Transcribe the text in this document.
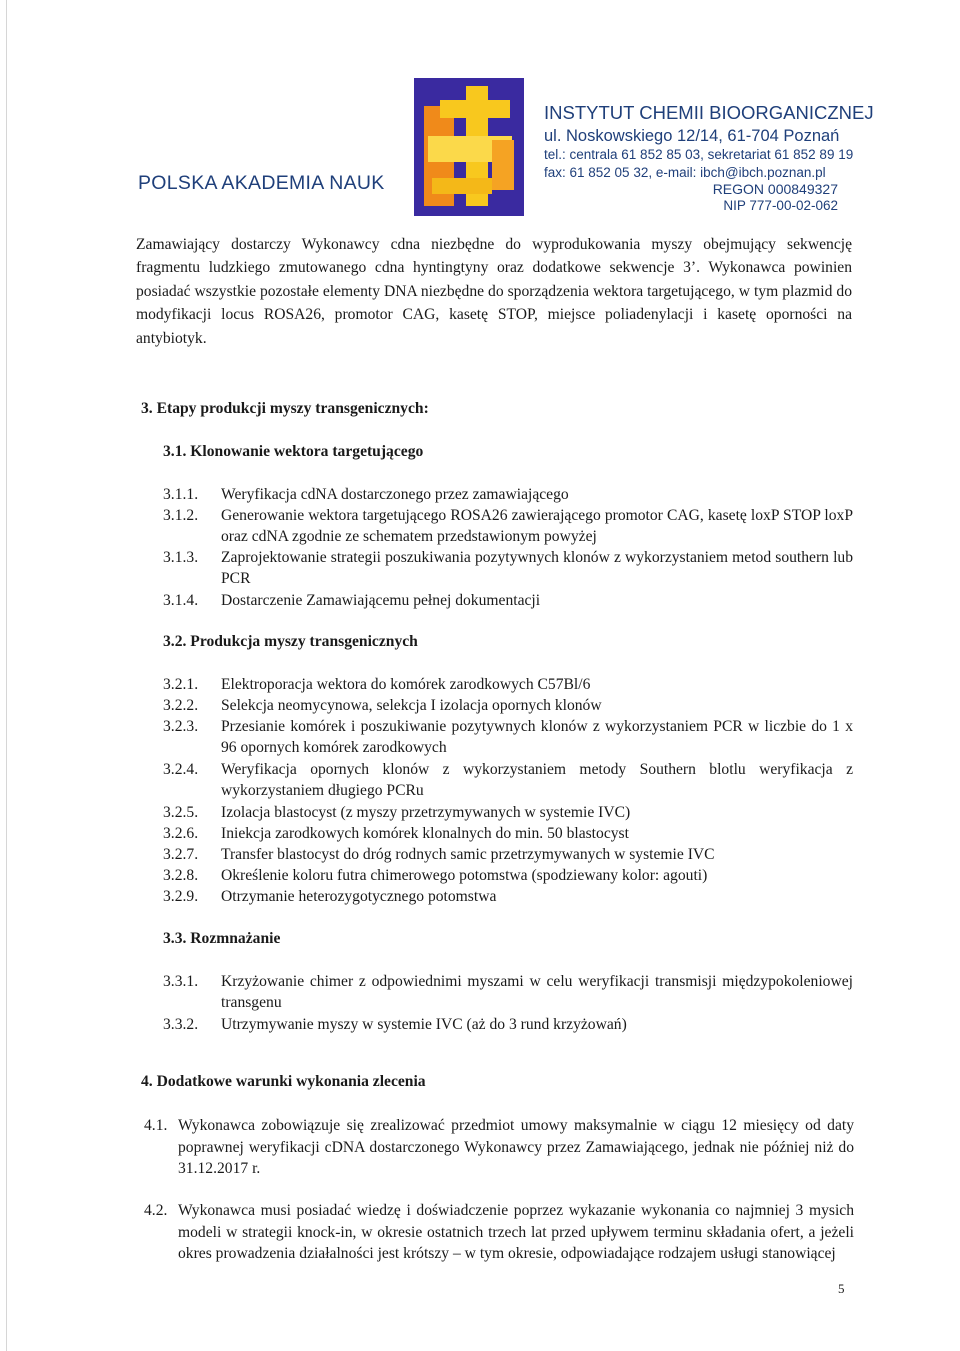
POLSKA AKADEMIA NAUK
INSTYTUT CHEMII BIOORGANICZNEJ
ul. Noskowskiego 12/14, 61-704 Poznań
tel.: centrala 61 852 85 03, sekretariat 61 852 89 19
fax: 61 852 05 32, e-mail: ibch@ibch.poznan.pl
REGON 000849327
NIP 777-00-02-062
Zamawiający dostarczy Wykonawcy cdna niezbędne do wyprodukowania myszy obejmujący sekwencję fragmentu ludzkiego zmutowanego cdna hyntingtyny oraz dodatkowe sekwencje 3’. Wykonawca powinien posiadać wszystkie pozostałe elementy DNA niezbędne do sporządzenia wektora targetującego, w tym plazmid do modyfikacji locus ROSA26, promotor CAG, kasetę STOP, miejsce poliadenylacji i kasetę oporności na antybiotyk.
3. Etapy produkcji myszy transgenicznych:
3.1. Klonowanie wektora targetującego
3.1.1.	Weryfikacja cdNA dostarczonego przez zamawiającego
3.1.2.	Generowanie wektora targetującego ROSA26 zawierającego promotor CAG, kasetę loxP STOP loxP oraz cdNA zgodnie ze schematem przedstawionym powyżej
3.1.3.	Zaprojektowanie strategii poszukiwania pozytywnych klonów z wykorzystaniem metod southern lub PCR
3.1.4.	Dostarczenie Zamawiającemu pełnej dokumentacji
3.2. Produkcja myszy transgenicznych
3.2.1.	Elektroporacja wektora do komórek zarodkowych C57Bl/6
3.2.2.	Selekcja neomycynowa, selekcja I izolacja opornych klonów
3.2.3.	Przesianie komórek i poszukiwanie pozytywnych klonów z wykorzystaniem PCR w liczbie do 1 x 96 opornych komórek zarodkowych
3.2.4.	Weryfikacja opornych klonów z wykorzystaniem metody Southern blotlu weryfikacja z wykorzystaniem długiego PCRu
3.2.5.	Izolacja blastocyst (z myszy przetrzymywanych w systemie IVC)
3.2.6.	Iniekcja zarodkowych komórek klonalnych do min. 50 blastocyst
3.2.7.	Transfer blastocyst do dróg rodnych samic przetrzymywanych w systemie IVC
3.2.8.	Określenie koloru futra chimerowego potomstwa (spodziewany kolor: agouti)
3.2.9.	Otrzymanie heterozygotycznego potomstwa
3.3. Rozmnażanie
3.3.1.	Krzyżowanie chimer z odpowiednimi myszami w celu weryfikacji transmisji międzypokoleniowej transgenu
3.3.2.	Utrzymywanie myszy w systemie IVC (aż do 3 rund krzyżowań)
4. Dodatkowe warunki wykonania zlecenia
4.1. Wykonawca zobowiązuje się zrealizować przedmiot umowy maksymalnie w ciągu 12 miesięcy od daty poprawnej weryfikacji cDNA dostarczonego Wykonawcy przez Zamawiającego, jednak nie później niż do 31.12.2017 r.
4.2. Wykonawca musi posiadać wiedzę i doświadczenie poprzez wykazanie wykonania co najmniej 3 mysich modeli w strategii knock-in, w okresie ostatnich trzech lat przed upływem terminu składania ofert, a jeżeli okres prowadzenia działalności jest krótszy – w tym okresie, odpowiadające rodzajem usługi stanowiącej
5
